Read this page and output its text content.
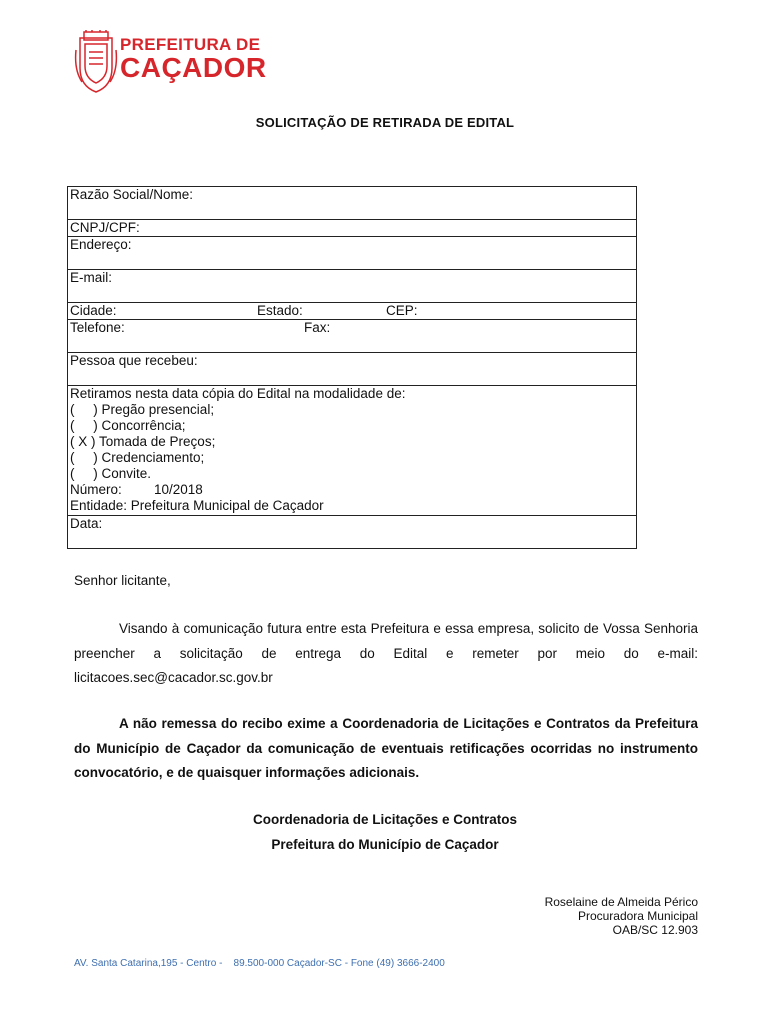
PREFEITURA DE
CAÇADOR
SOLICITAÇÃO DE RETIRADA DE EDITAL
Razão Social/Nome:
CNPJ/CPF:
Endereço:
E-mail:
Cidade:	Estado:	CEP:
Telefone:	Fax:
Pessoa que recebeu:
Retiramos nesta data cópia do Edital na modalidade de:
(     ) Pregão presencial;
(     ) Concorrência;
( X ) Tomada de Preços;
(     ) Credenciamento;
(     ) Convite.
Número: 10/2018
Entidade: Prefeitura Municipal de Caçador
Data:
Senhor licitante,
Visando à comunicação futura entre esta Prefeitura e essa empresa, solicito de Vossa Senhoria preencher a solicitação de entrega do Edital e remeter por meio do e-mail: licitacoes.sec@cacador.sc.gov.br
A não remessa do recibo exime a Coordenadoria de Licitações e Contratos da Prefeitura do Município de Caçador da comunicação de eventuais retificações ocorridas no instrumento convocatório, e de quaisquer informações adicionais.
Coordenadoria de Licitações e Contratos
Prefeitura do Município de Caçador
Roselaine de Almeida Périco
Procuradora Municipal
OAB/SC 12.903
AV. Santa Catarina,195 - Centro -    89.500-000 Caçador-SC - Fone (49) 3666-2400
